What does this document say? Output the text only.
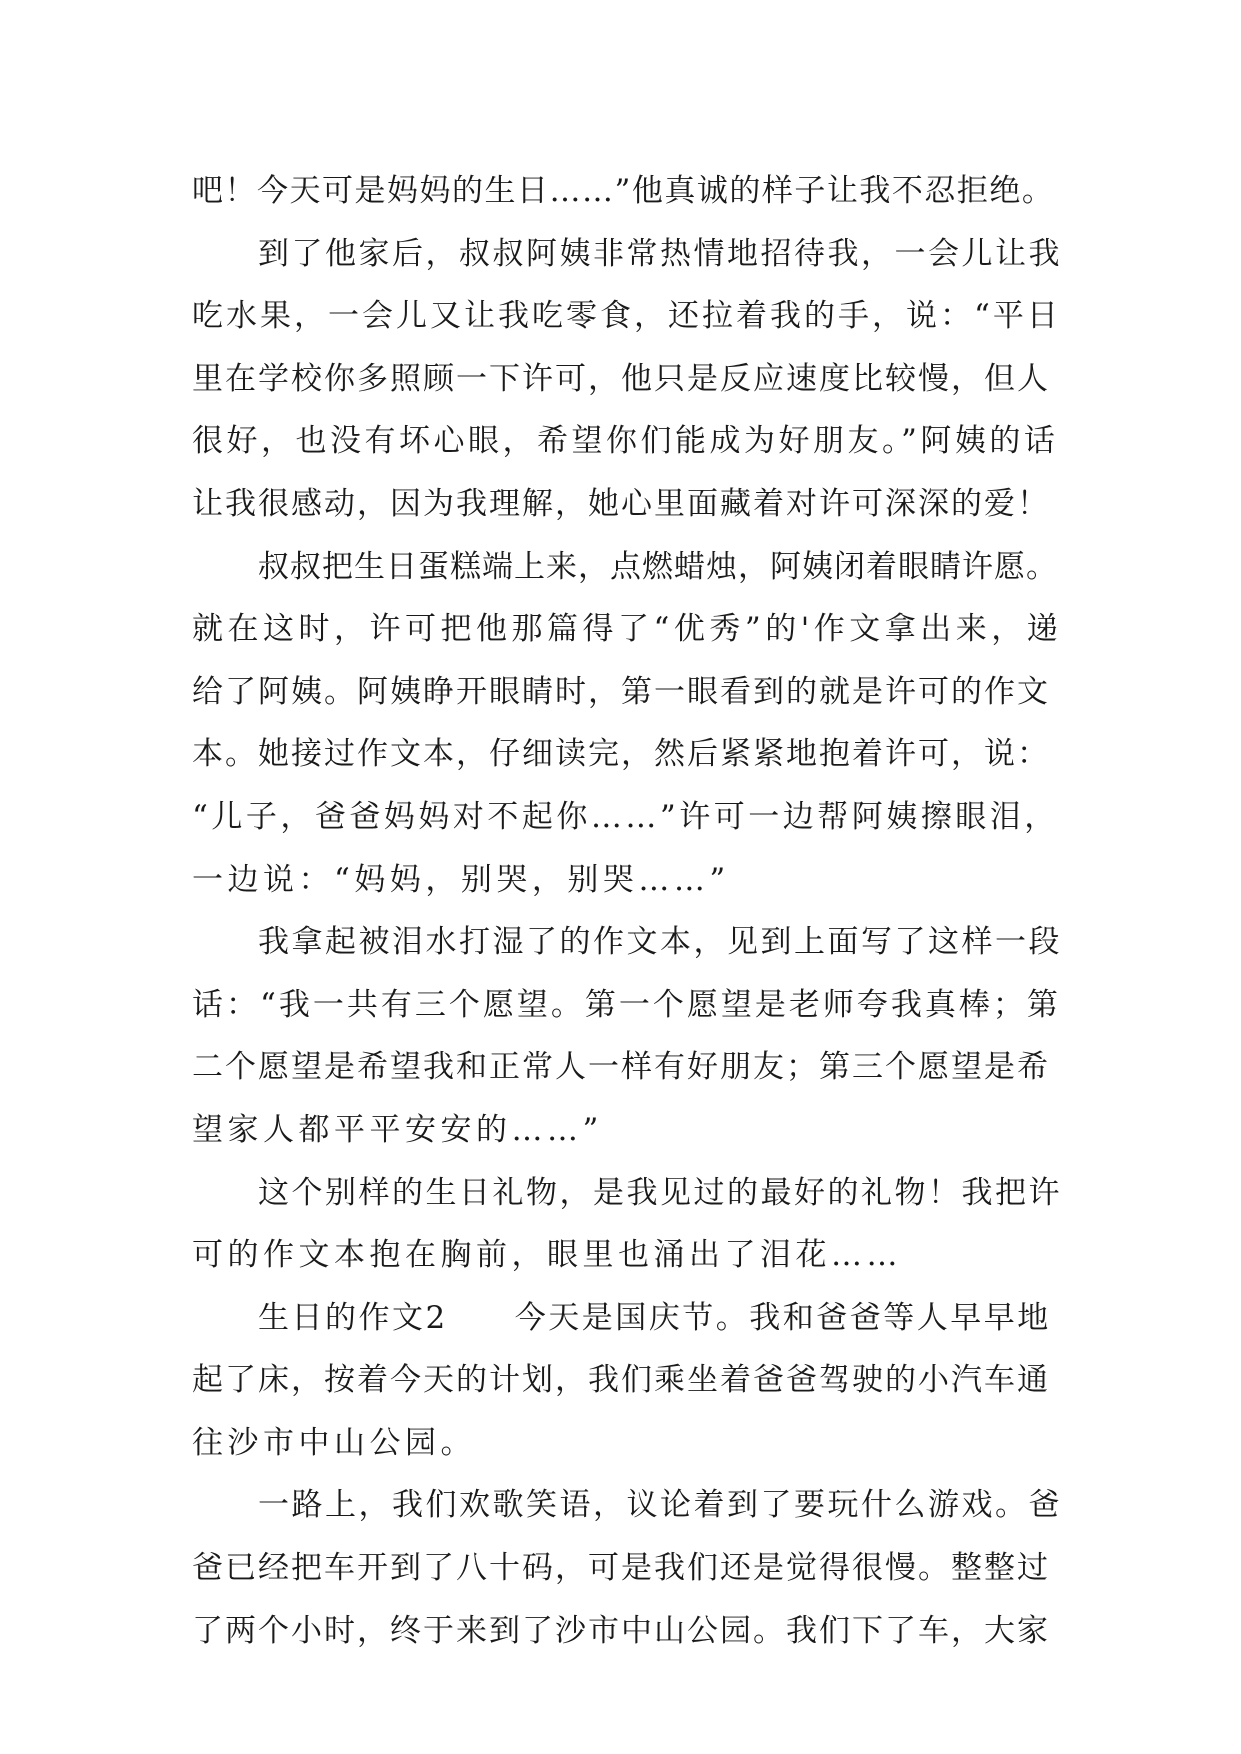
吧！今天可是妈妈的生日……”他真诚的样子让我不忍拒绝。
到了他家后，叔叔阿姨非常热情地招待我，一会儿让我
吃水果，一会儿又让我吃零食，还拉着我的手，说：“平日
里在学校你多照顾一下许可，他只是反应速度比较慢，但人
很好，也没有坏心眼，希望你们能成为好朋友。”阿姨的话
让我很感动，因为我理解，她心里面藏着对许可深深的爱！
叔叔把生日蛋糕端上来，点燃蜡烛，阿姨闭着眼睛许愿。
就在这时，许可把他那篇得了“优秀”的'作文拿出来，递
给了阿姨。阿姨睁开眼睛时，第一眼看到的就是许可的作文
本。她接过作文本，仔细读完，然后紧紧地抱着许可，说：
“儿子，爸爸妈妈对不起你……”许可一边帮阿姨擦眼泪，
一边说：“妈妈，别哭，别哭……”
我拿起被泪水打湿了的作文本，见到上面写了这样一段
话：“我一共有三个愿望。第一个愿望是老师夸我真棒；第
二个愿望是希望我和正常人一样有好朋友；第三个愿望是希
望家人都平平安安的……”
这个别样的生日礼物，是我见过的最好的礼物！我把许
可的作文本抱在胸前，眼里也涌出了泪花……
生日的作文2　　今天是国庆节。我和爸爸等人早早地
起了床，按着今天的计划，我们乘坐着爸爸驾驶的小汽车通
往沙市中山公园。
一路上，我们欢歌笑语，议论着到了要玩什么游戏。爸
爸已经把车开到了八十码，可是我们还是觉得很慢。整整过
了两个小时，终于来到了沙市中山公园。我们下了车，大家
